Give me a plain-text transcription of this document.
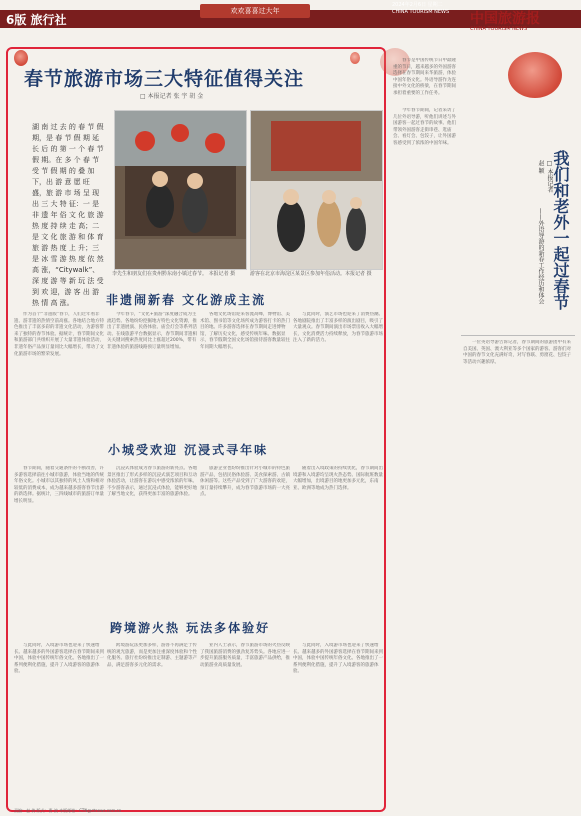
6版 旅行社
欢欢喜喜过大年
2024年2月6日 星期二
CHINA TOURISM NEWS 中国旅游报
CHINA TOURISM NEWS
春节旅游市场三大特征值得关注
□ 本报记者 张 宇 胡 金
湖 南 过 去 的 春 节 假 期，是 春 节 假 期 延 长 后 的 第 一 个 春 节 假 期。在 多 个 春 节 受 节 假 期 的 叠 加 下，出 游 意 愿 旺 盛，旅 游 市 场 呈 现 出 三 大 特 征：一 是 非 遗 年 俗 文 化 旅 游 热 度 持 续 走 高；二 是 文 化 旅 游 和 体 育 旅 游 热 度 上 升；三 是 冰 雪 游 热 度 依 然 高 涨，“Citywalk”、深 度 游 等 新 玩 法 受 到 欢 迎，游 客 出 游 热 情 高 涨。
李先生和朋友们在贵州黔东南小镇过春节。 本报记者 摄	游客在北京市海淀区某景区参加年俗活动。本报记者 摄
非遗闹新春 文化游成主流
作为首个“非遗版”春节，人们过年看非遗、游非遗的热情空前高涨。各地结合地方特色推出了丰富多彩的非遗文化活动，为游客带来了独特的春节体验。据统计，春节期间文化和旅游部门共组织开展了大量非遗体验活动，非遗年俗产品预订量同比大幅增长，带动了文化旅游市场的繁荣发展。
今年春节，“文化+旅游”深度融合成为主流趋势。各地纷纷挖掘地方特色文化资源，推出了非遗展演、民俗体验、庙会灯会等系列活动。在线旅游平台数据显示，春节期间非遗相关关键词搜索热度同比上涨超过200%，带有非遗体验的旅游线路预订量明显增加。
各地文化场馆迎来客流高峰，博物馆、美术馆、图书馆等文化场所成为游客打卡的热门目的地。许多游客选择在春节期间走进博物馆，了解历史文化，感受传统年味。数据显示，春节假期全国文化场馆接待游客数量较往年同期大幅增长。
与此同时，演艺市场也迎来了消费热潮。各地剧院推出了丰富多样的演出剧目，吸引了大量观众。春节期间演出市场票房收入大幅增长，文化消费活力持续释放，为春节旅游市场注入了新的活力。
小城受欢迎 沉浸式寻年味
春节期间，随着交通条件的不断改善，许多游客选择前往小城市旅游，体验当地的传统年俗文化。小城市以其独特的风土人情和相对较低的消费成本，成为越来越多游客春节出游的新选择。据统计，三四线城市的旅游订单量增长明显。
沉浸式体验成为春节旅游的新亮点。各地景区推出了形式多样的沉浸式演艺项目和互动体验活动，让游客在游玩中感受浓浓的年味。不少游客表示，通过沉浸式体验，能够更好地了解当地文化，获得更加丰富的旅游体验。
旅游企业也纷纷推出针对小城市的特色旅游产品，包括民俗体验游、美食探索游、古镇休闲游等。这些产品受到了广大游客的欢迎，预订量持续攀升，成为春节旅游市场的一大亮点。
随着出入境政策的持续优化，春节期间出境游和入境游均呈现火热态势。国际航班数量大幅增加，出境游目的地更加多元化，东南亚、欧洲等地成为热门选择。
跨境游火热 玩法多体验好
与此同时，入境游市场也迎来了快速增长。越来越多的外国游客选择在春节期间来到中国，体验中国传统年俗文化。各地推出了一系列便利化措施，提升了入境游客的旅游体验。
跨境游玩法更加多样，游客不再满足于传统的观光旅游，而是更加注重深度体验和个性化服务。旅行社纷纷推出定制游、主题游等产品，满足游客多元化的需求。
业内人士表示，春节旅游市场的火热反映了我国旅游消费的强劲复苏势头。各地应进一步提升旅游服务质量，丰富旅游产品供给，推动旅游业高质量发展。
与此同时，入境游市场也迎来了快速增长。越来越多的外国游客选择在春节期间来到中国，体验中国传统年俗文化。各地推出了一系列便利化措施，提升了入境游客的旅游体验。
春节是中国传统节日中最隆重的节日，越来越多的外国游客选择在春节期间来华旅游，体验中国年俗文化。外语导游作为连接中外文化的桥梁，在春节期间承担着重要的工作任务。
今年春节期间，记者采访了几位外语导游，听他们讲述与外国游客一起过春节的故事。他们带领外国游客走街串巷、逛庙会、看灯会、包饺子，让外国游客感受到了浓浓的中国年味。
一位英语导游告诉记者，春节期间的旅游团中有来自美国、英国、澳大利亚等多个国家的游客。游客们对中国的春节文化充满好奇，对写春联、剪窗花、包饺子等活动兴趣浓厚。
我们和老外一起过春节
——外语导游的新春工作经历和体会
□ 本报记者 赵 颖
责编：赵 倩 版式：曹 波 本版邮箱：CTN@ctnews.com.cn
